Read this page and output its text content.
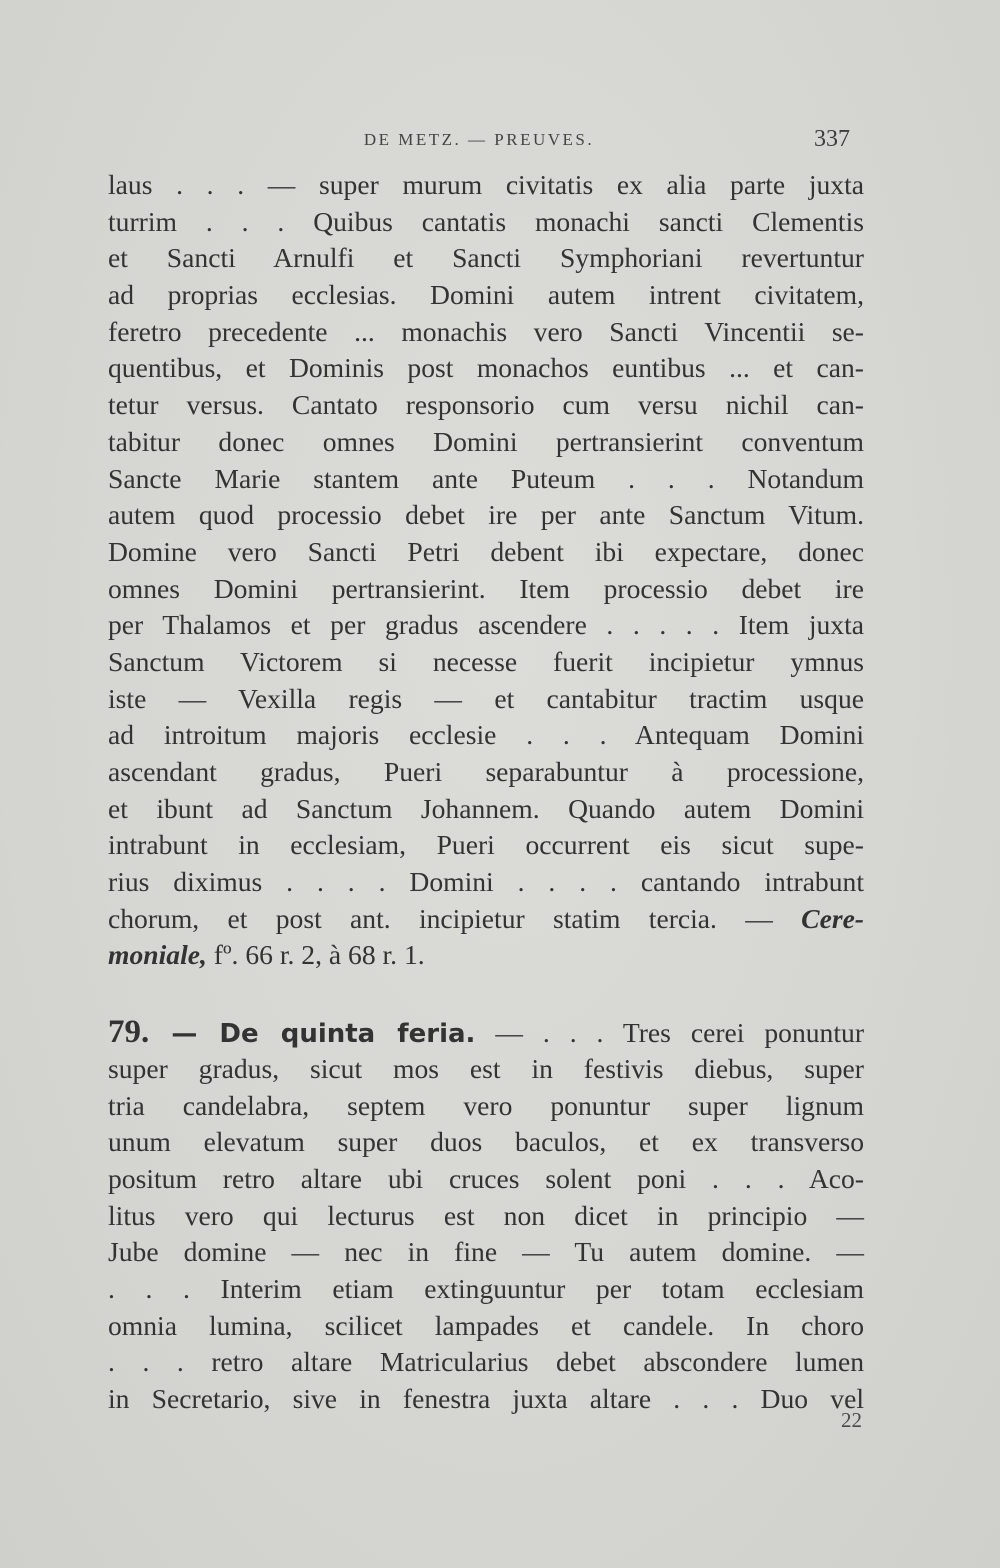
DE METZ. — PREUVES.	337
laus . . . — super murum civitatis ex alia parte juxta
turrim . . . Quibus cantatis monachi sancti Clementis
et Sancti Arnulfi et Sancti Symphoriani revertuntur
ad proprias ecclesias. Domini autem intrent civitatem,
feretro precedente ... monachis vero Sancti Vincentii se-
quentibus, et Dominis post monachos euntibus ... et can-
tetur versus. Cantato responsorio cum versu nichil can-
tabitur donec omnes Domini pertransierint conventum
Sancte Marie stantem ante Puteum . . . Notandum
autem quod processio debet ire per ante Sanctum Vitum.
Domine vero Sancti Petri debent ibi expectare, donec
omnes Domini pertransierint. Item processio debet ire
per Thalamos et per gradus ascendere . . . . . Item juxta
Sanctum Victorem si necesse fuerit incipietur ymnus
iste — Vexilla regis — et cantabitur tractim usque
ad introitum majoris ecclesie . . . Antequam Domini
ascendant gradus, Pueri separabuntur à processione,
et ibunt ad Sanctum Johannem. Quando autem Domini
intrabunt in ecclesiam, Pueri occurrent eis sicut supe-
rius diximus . . . . Domini . . . . cantando intrabunt
chorum, et post ant. incipietur statim tercia. — Cere-
moniale, fº. 66 r. 2, à 68 r. 1.
79. — De quinta feria. — . . . Tres cerei ponuntur
super gradus, sicut mos est in festivis diebus, super
tria candelabra, septem vero ponuntur super lignum
unum elevatum super duos baculos, et ex transverso
positum retro altare ubi cruces solent poni . . . Aco-
litus vero qui lecturus est non dicet in principio —
Jube domine — nec in fine — Tu autem domine. —
. . . Interim etiam extinguuntur per totam ecclesiam
omnia lumina, scilicet lampades et candele. In choro
. . . retro altare Matricularius debet abscondere lumen
in Secretario, sive in fenestra juxta altare . . . Duo vel
22
